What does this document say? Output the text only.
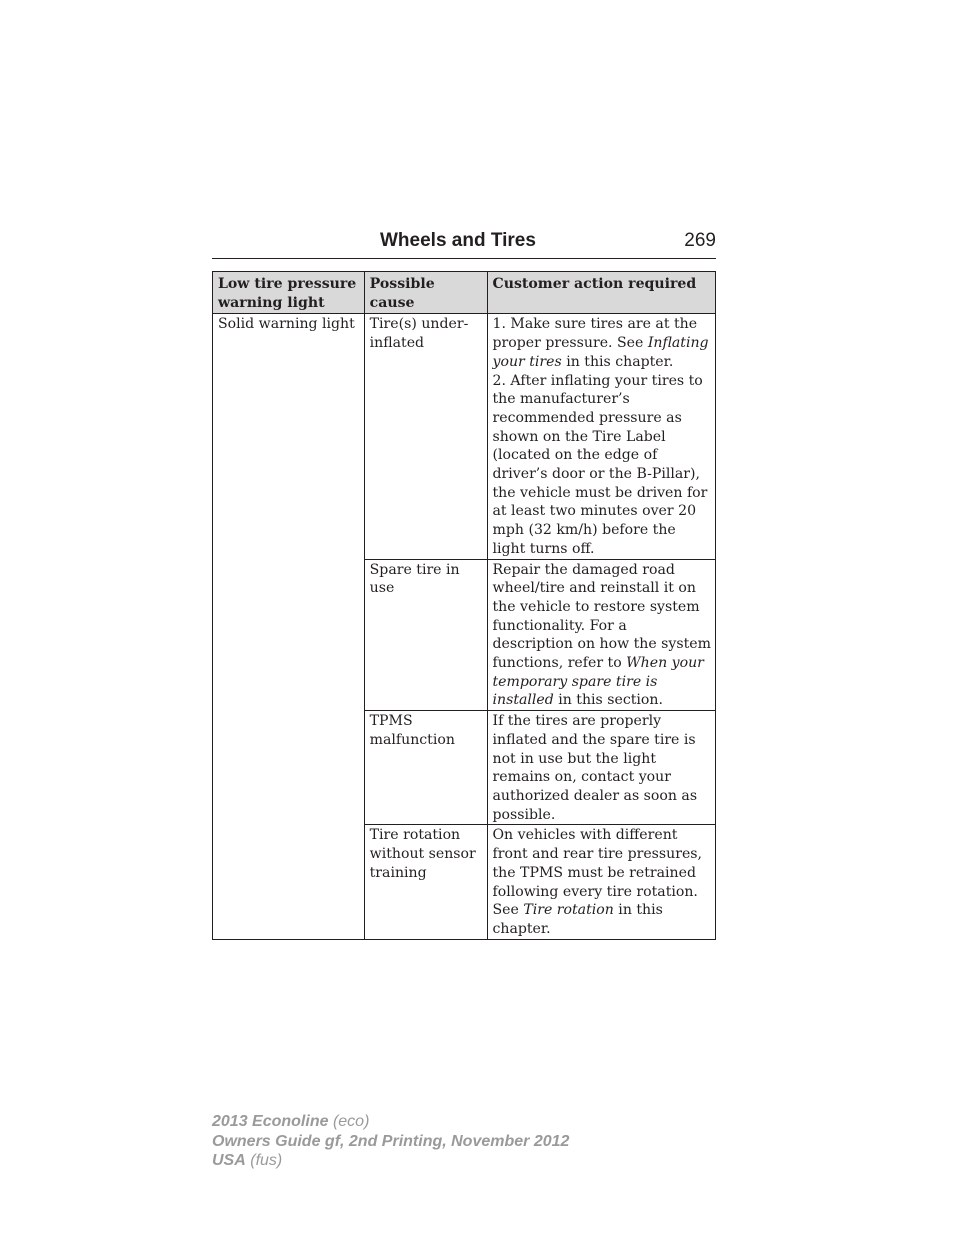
Wheels and Tires	269
Low tire pressure warning light	Possible cause	Customer action required
Solid warning light	Tire(s) under-inflated	1. Make sure tires are at the proper pressure. See Inflating your tires in this chapter.
2. After inflating your tires to the manufacturer’s recommended pressure as shown on the Tire Label (located on the edge of driver’s door or the B-Pillar), the vehicle must be driven for at least two minutes over 20 mph (32 km/h) before the light turns off.
	Spare tire in use	Repair the damaged road wheel/tire and reinstall it on the vehicle to restore system functionality. For a description on how the system functions, refer to When your temporary spare tire is installed in this section.
	TPMS malfunction	If the tires are properly inflated and the spare tire is not in use but the light remains on, contact your authorized dealer as soon as possible.
	Tire rotation without sensor training	On vehicles with different front and rear tire pressures, the TPMS must be retrained following every tire rotation. See Tire rotation in this chapter.
2013 Econoline (eco)
Owners Guide gf, 2nd Printing, November 2012
USA (fus)
